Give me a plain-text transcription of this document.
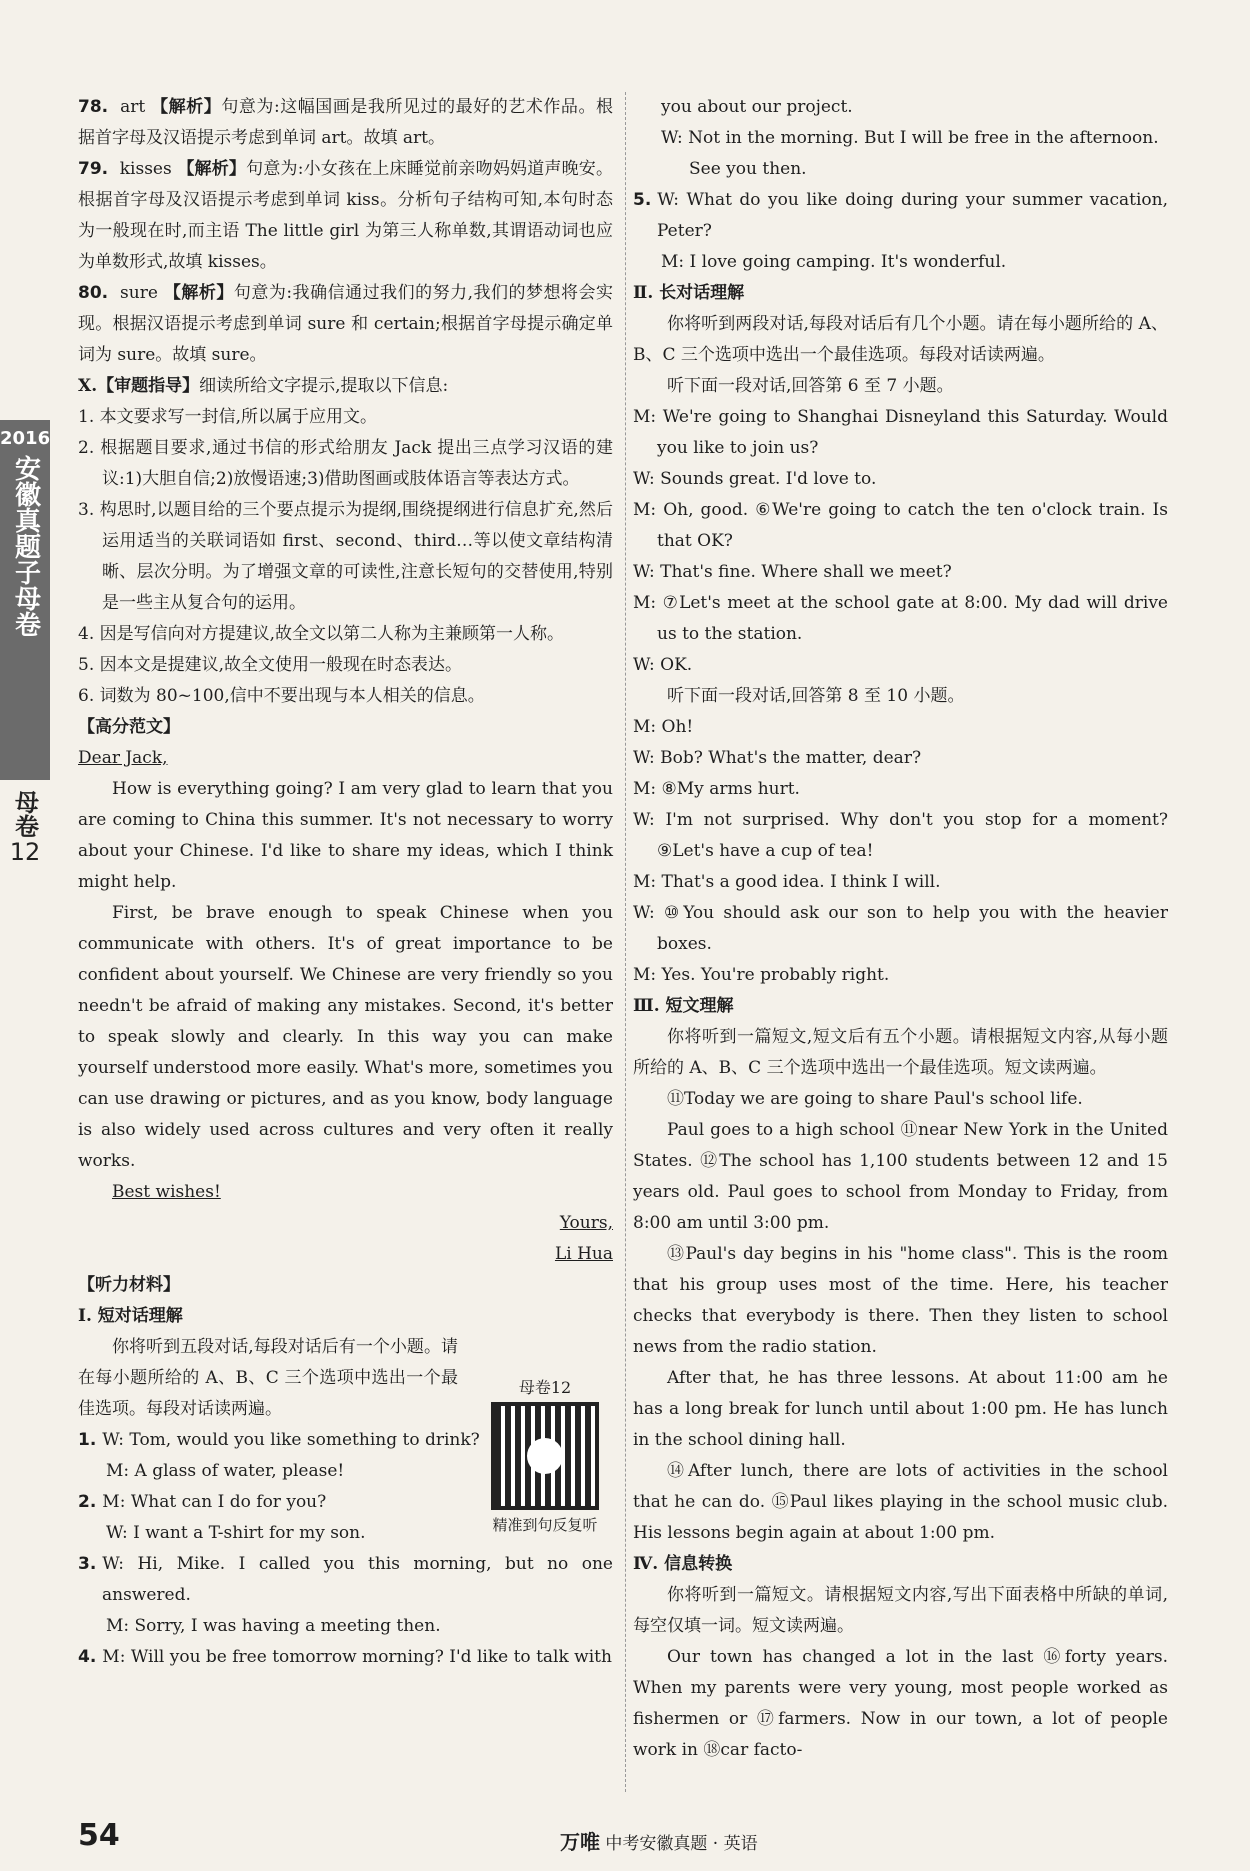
2016
安徽真题子母卷
母卷
12

78. art 【解析】句意为:这幅国画是我所见过的最好的艺术作品。根据首字母及汉语提示考虑到单词 art。故填 art。

79. kisses 【解析】句意为:小女孩在上床睡觉前亲吻妈妈道声晚安。根据首字母及汉语提示考虑到单词 kiss。分析句子结构可知,本句时态为一般现在时,而主语 The little girl 为第三人称单数,其谓语动词也应为单数形式,故填 kisses。

80. sure 【解析】句意为:我确信通过我们的努力,我们的梦想将会实现。根据汉语提示考虑到单词 sure 和 certain;根据首字母提示确定单词为 sure。故填 sure。

Ⅹ.【审题指导】细读所给文字提示,提取以下信息:

1. 本文要求写一封信,所以属于应用文。

2. 根据题目要求,通过书信的形式给朋友 Jack 提出三点学习汉语的建议:1)大胆自信;2)放慢语速;3)借助图画或肢体语言等表达方式。

3. 构思时,以题目给的三个要点提示为提纲,围绕提纲进行信息扩充,然后运用适当的关联词语如 first、second、third…等以使文章结构清晰、层次分明。为了增强文章的可读性,注意长短句的交替使用,特别是一些主从复合句的运用。

4. 因是写信向对方提建议,故全文以第二人称为主兼顾第一人称。

5. 因本文是提建议,故全文使用一般现在时态表达。

6. 词数为 80~100,信中不要出现与本人相关的信息。

【高分范文】

Dear Jack,

How is everything going? I am very glad to learn that you are coming to China this summer. It's not necessary to worry about your Chinese. I'd like to share my ideas, which I think might help.

First, be brave enough to speak Chinese when you communicate with others. It's of great importance to be confident about yourself. We Chinese are very friendly so you needn't be afraid of making any mistakes. Second, it's better to speak slowly and clearly. In this way you can make yourself understood more easily. What's more, sometimes you can use drawing or pictures, and as you know, body language is also widely used across cultures and very often it really works.

Best wishes!

Yours,

Li Hua

【听力材料】

Ⅰ. 短对话理解

你将听到五段对话,每段对话后有一个小题。请在每小题所给的 A、B、C 三个选项中选出一个最佳选项。每段对话读两遍。

1. W: Tom, would you like something to drink?

M: A glass of water, please!

2. M: What can I do for you?

W: I want a T-shirt for my son.

3. W: Hi, Mike. I called you this morning, but no one answered.

M: Sorry, I was having a meeting then.

4. M: Will you be free tomorrow morning? I'd like to talk with

母卷12
精准到句反复听

you about our project.

W: Not in the morning. But I will be free in the afternoon.

See you then.

5. W: What do you like doing during your summer vacation, Peter?

M: I love going camping. It's wonderful.

Ⅱ. 长对话理解

你将听到两段对话,每段对话后有几个小题。请在每小题所给的 A、B、C 三个选项中选出一个最佳选项。每段对话读两遍。

听下面一段对话,回答第 6 至 7 小题。

M: We're going to Shanghai Disneyland this Saturday. Would you like to join us?

W: Sounds great. I'd love to.

M: Oh, good. ⑥We're going to catch the ten o'clock train. Is that OK?

W: That's fine. Where shall we meet?

M: ⑦Let's meet at the school gate at 8:00. My dad will drive us to the station.

W: OK.

听下面一段对话,回答第 8 至 10 小题。

M: Oh!

W: Bob? What's the matter, dear?

M: ⑧My arms hurt.

W: I'm not surprised. Why don't you stop for a moment? ⑨Let's have a cup of tea!

M: That's a good idea. I think I will.

W: ⑩You should ask our son to help you with the heavier boxes.

M: Yes. You're probably right.

Ⅲ. 短文理解

你将听到一篇短文,短文后有五个小题。请根据短文内容,从每小题所给的 A、B、C 三个选项中选出一个最佳选项。短文读两遍。

⑪Today we are going to share Paul's school life.

Paul goes to a high school ⑪near New York in the United States. ⑫The school has 1,100 students between 12 and 15 years old. Paul goes to school from Monday to Friday, from 8:00 am until 3:00 pm.

⑬Paul's day begins in his "home class". This is the room that his group uses most of the time. Here, his teacher checks that everybody is there. Then they listen to school news from the radio station.

After that, he has three lessons. At about 11:00 am he has a long break for lunch until about 1:00 pm. He has lunch in the school dining hall.

⑭After lunch, there are lots of activities in the school that he can do. ⑮Paul likes playing in the school music club. His lessons begin again at about 1:00 pm.

Ⅳ. 信息转换

你将听到一篇短文。请根据短文内容,写出下面表格中所缺的单词,每空仅填一词。短文读两遍。

Our town has changed a lot in the last ⑯forty years. When my parents were very young, most people worked as fishermen or ⑰farmers. Now in our town, a lot of people work in ⑱car facto-

54	万唯 中考安徽真题 · 英语
